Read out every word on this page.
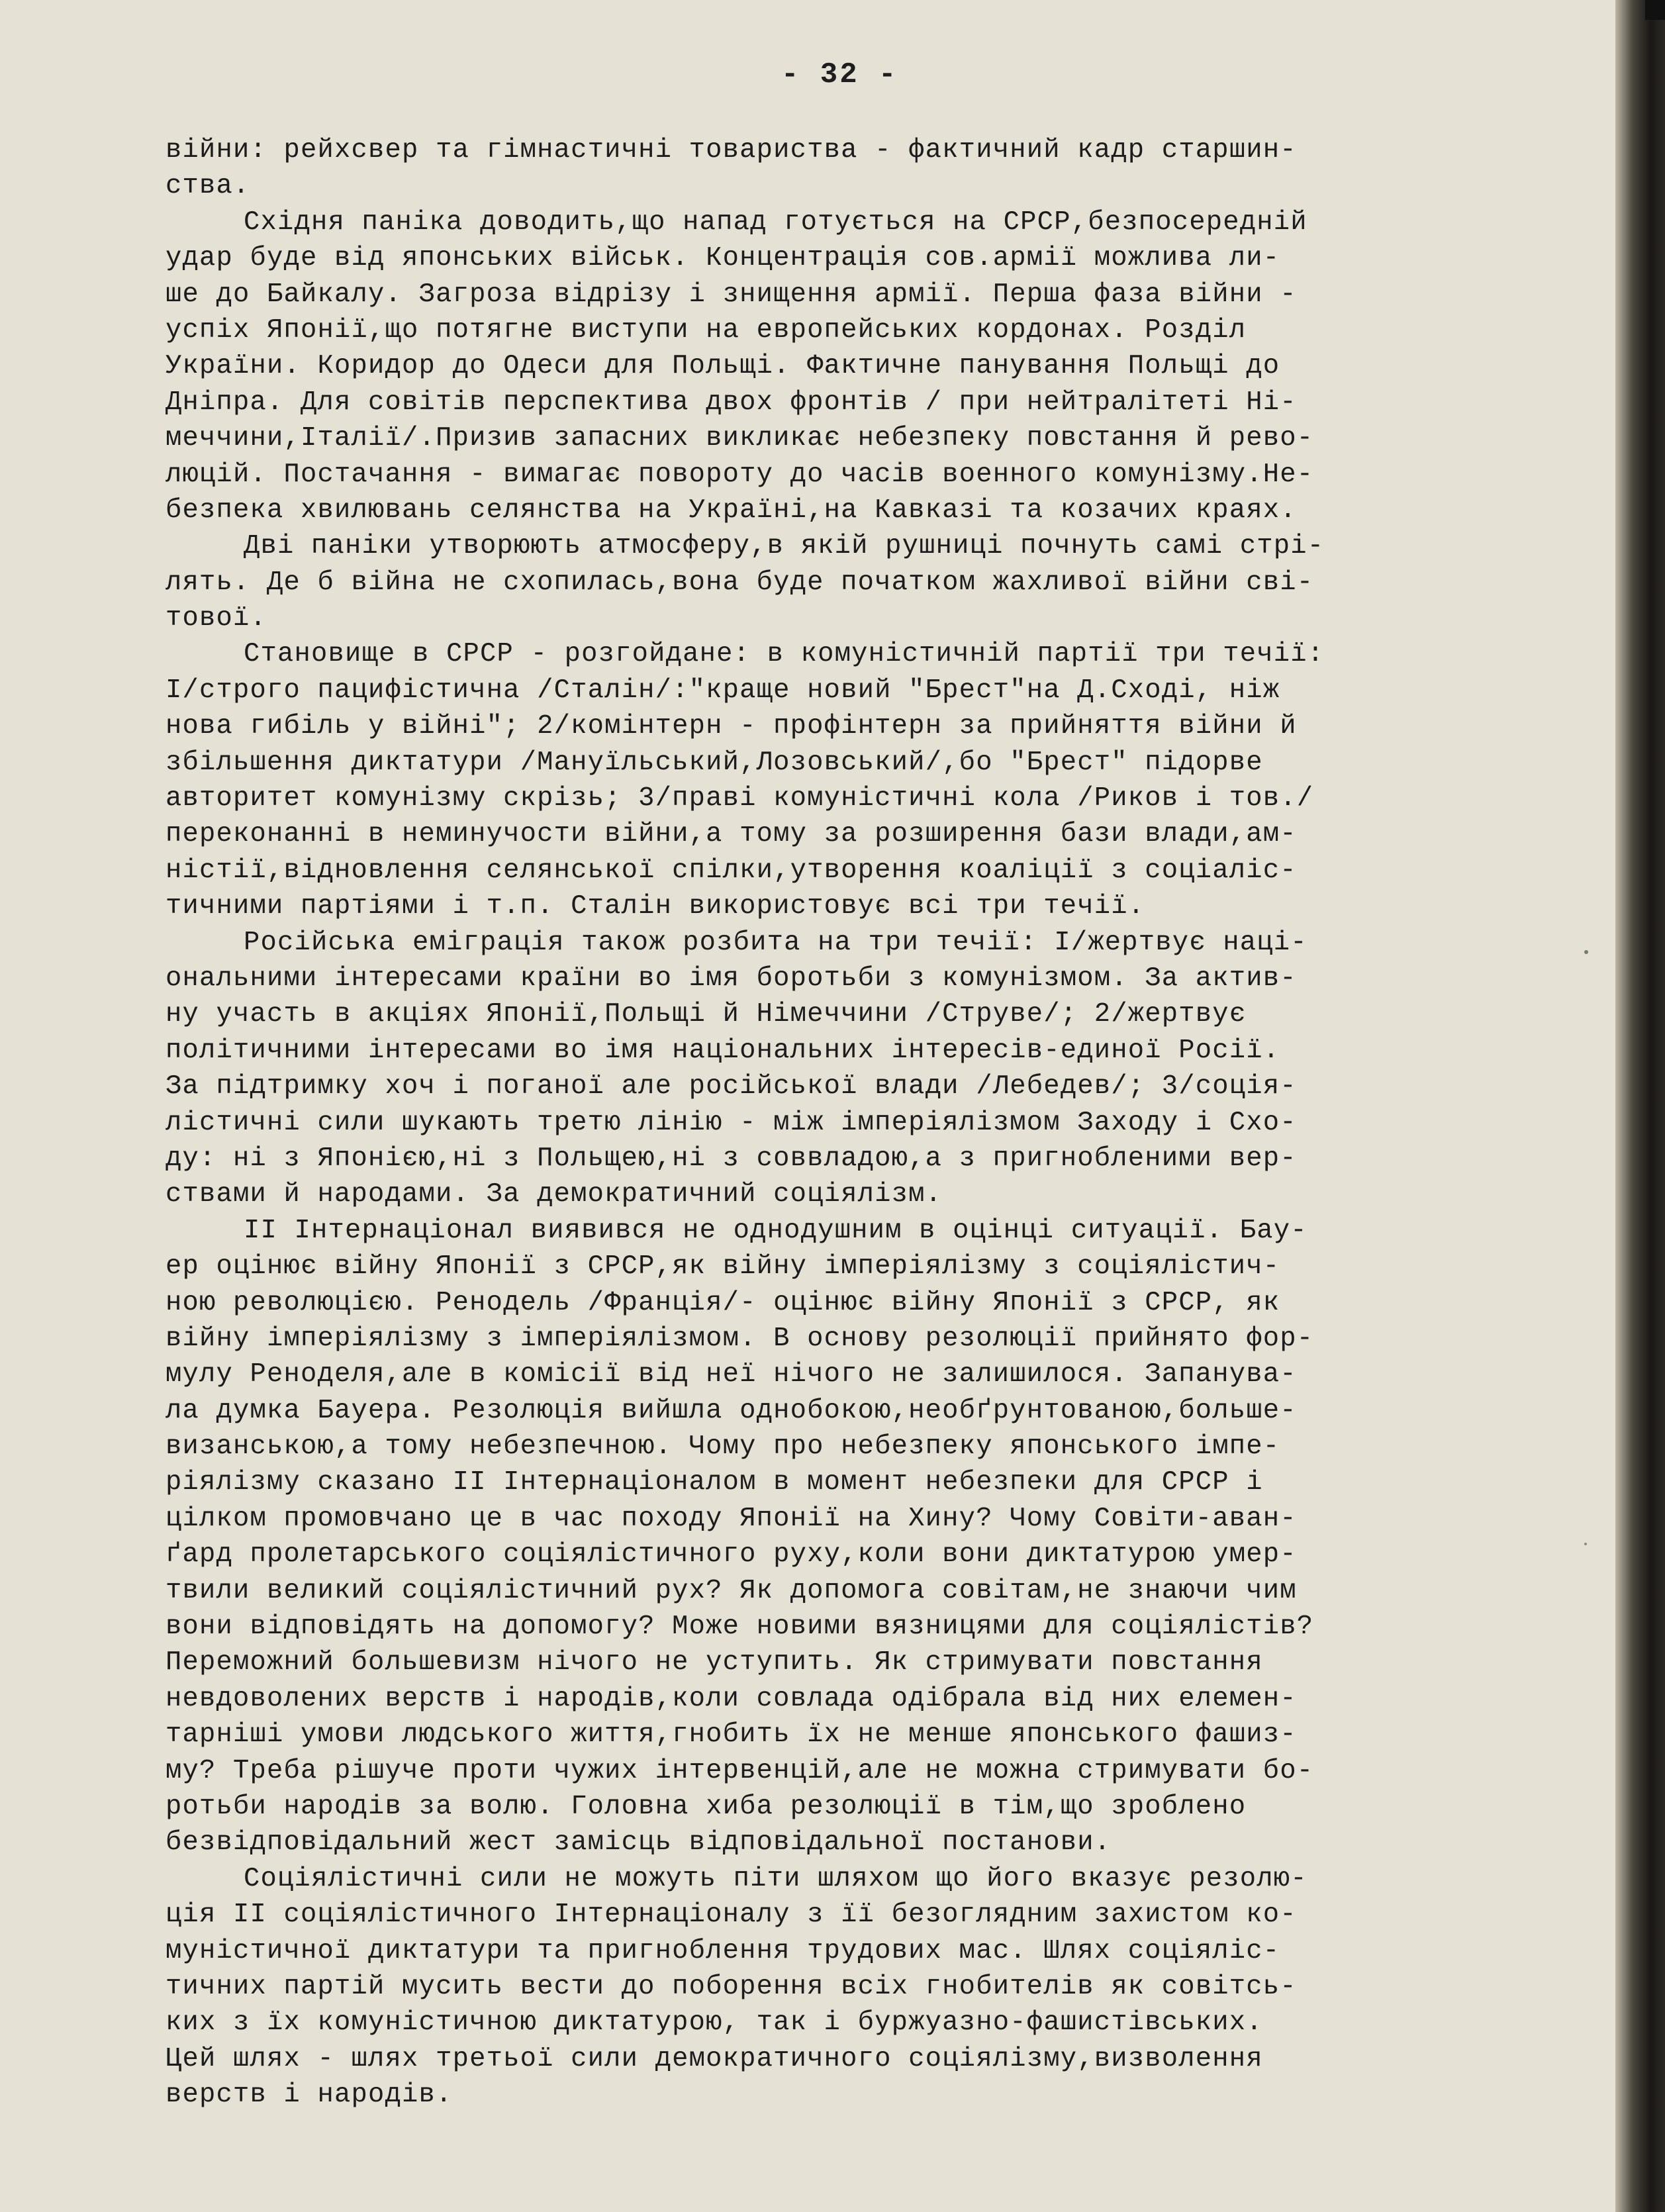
- 32 -
війни: рейхсвер та гімнастичні товариства - фактичний кадр старшин-
ства.
Східня паніка доводить,що напад готується на СРСР,безпосередній
удар буде від японських військ. Концентрація сов.армії можлива ли-
ше до Байкалу. Загроза відрізу і знищення армії. Перша фаза війни -
успіх Японії,що потягне виступи на европейських кордонах. Розділ
України. Коридор до Одеси для Польщі. Фактичне панування Польщі до
Дніпра. Для совітів перспектива двох фронтів / при нейтралітеті Ні-
меччини,Італії/.Призив запасних викликає небезпеку повстання й рево-
люцій. Постачання - вимагає повороту до часів военного комунізму.Не-
безпека хвилювань селянства на Україні,на Кавказі та козачих краях.
Дві паніки утворюють атмосферу,в якій рушниці почнуть самі стрі-
лять. Де б війна не схопилась,вона буде початком жахливої війни сві-
тової.
Становище в СРСР - розгойдане: в комуністичній партії три течії:
I/строго пацифістична /Сталін/:"краще новий "Брест"на Д.Сході, ніж
нова гибіль у війні"; 2/комінтерн - профінтерн за прийняття війни й
збільшення диктатури /Мануїльський,Лозовський/,бо "Брест" підорве
авторитет комунізму скрізь; 3/праві комуністичні кола /Риков і тов./
переконанні в неминучости війни,а тому за розширення бази влади,ам-
ністії,відновлення селянської спілки,утворення коаліції з соціаліс-
тичними партіями і т.п. Сталін використовує всі три течії.
Російська еміграція також розбита на три течії: I/жертвує наці-
ональними інтересами країни во імя боротьби з комунізмом. За актив-
ну участь в акціях Японії,Польщі й Німеччини /Струве/; 2/жертвує
політичними інтересами во імя національних інтересів-единої Росії.
За підтримку хоч і поганої але російської влади /Лебедев/; 3/соція-
лістичні сили шукають третю лінію - між імперіялізмом Заходу і Схо-
ду: ні з Японією,ні з Польщею,ні з соввладою,а з пригнобленими вер-
ствами й народами. За демократичний соціялізм.
II Інтернаціонал виявився не однодушним в оцінці ситуації. Бау-
ер оцінює війну Японії з СРСР,як війну імперіялізму з соціялістич-
ною революцією. Ренодель /Франція/- оцінює війну Японії з СРСР, як
війну імперіялізму з імперіялізмом. В основу резолюції прийнято фор-
мулу Реноделя,але в комісії від неї нічого не залишилося. Запанува-
ла думка Бауера. Резолюція вийшла однобокою,необґрунтованою,больше-
визанською,а тому небезпечною. Чому про небезпеку японського імпе-
ріялізму сказано II Інтернаціоналом в момент небезпеки для СРСР і
цілком промовчано це в час походу Японії на Хину? Чому Совіти-аван-
ґард пролетарського соціялістичного руху,коли вони диктатурою умер-
твили великий соціялістичний рух? Як допомога совітам,не знаючи чим
вони відповідять на допомогу? Може новими вязницями для соціялістів?
Переможний большевизм нічого не уступить. Як стримувати повстання
невдоволених верств і народів,коли совлада одібрала від них елемен-
тарніші умови людського життя,гнобить їх не менше японського фашиз-
му? Треба рішуче проти чужих інтервенцій,але не можна стримувати бо-
ротьби народів за волю. Головна хиба резолюції в тім,що зроблено
безвідповідальний жест замісць відповідальної постанови.
Соціялістичні сили не можуть піти шляхом що його вказує резолю-
ція II соціялістичного Інтернаціоналу з її безоглядним захистом ко-
муністичної диктатури та пригноблення трудових мас. Шлях соціяліс-
тичних партій мусить вести до поборення всіх гнобителів як совітсь-
ких з їх комуністичною диктатурою, так і буржуазно-фашистівських.
Цей шлях - шлях третьої сили демократичного соціялізму,визволення
верств і народів.
